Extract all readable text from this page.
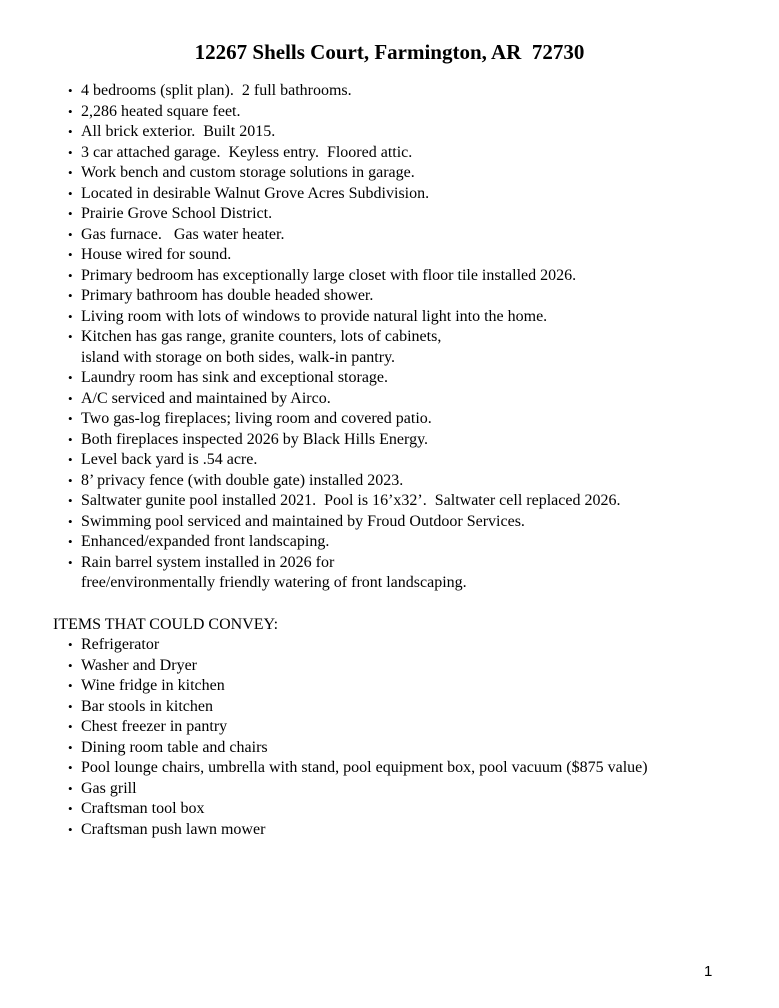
12267 Shells Court, Farmington, AR  72730
• 4 bedrooms (split plan).  2 full bathrooms.
• 2,286 heated square feet.
• All brick exterior.  Built 2015.
• 3 car attached garage.  Keyless entry.  Floored attic.
• Work bench and custom storage solutions in garage.
• Located in desirable Walnut Grove Acres Subdivision.
• Prairie Grove School District.
• Gas furnace.   Gas water heater.
• House wired for sound.
• Primary bedroom has exceptionally large closet with floor tile installed 2026.
• Primary bathroom has double headed shower.
• Living room with lots of windows to provide natural light into the home.
• Kitchen has gas range, granite counters, lots of cabinets,
island with storage on both sides, walk-in pantry.
• Laundry room has sink and exceptional storage.
• A/C serviced and maintained by Airco.
• Two gas-log fireplaces; living room and covered patio.
• Both fireplaces inspected 2026 by Black Hills Energy.
• Level back yard is .54 acre.
• 8’ privacy fence (with double gate) installed 2023.
• Saltwater gunite pool installed 2021.  Pool is 16’x32’.  Saltwater cell replaced 2026.
• Swimming pool serviced and maintained by Froud Outdoor Services.
• Enhanced/expanded front landscaping.
• Rain barrel system installed in 2026 for
free/environmentally friendly watering of front landscaping.
ITEMS THAT COULD CONVEY:
• Refrigerator
• Washer and Dryer
• Wine fridge in kitchen
• Bar stools in kitchen
• Chest freezer in pantry
• Dining room table and chairs
• Pool lounge chairs, umbrella with stand, pool equipment box, pool vacuum ($875 value)
• Gas grill
• Craftsman tool box
• Craftsman push lawn mower
1
